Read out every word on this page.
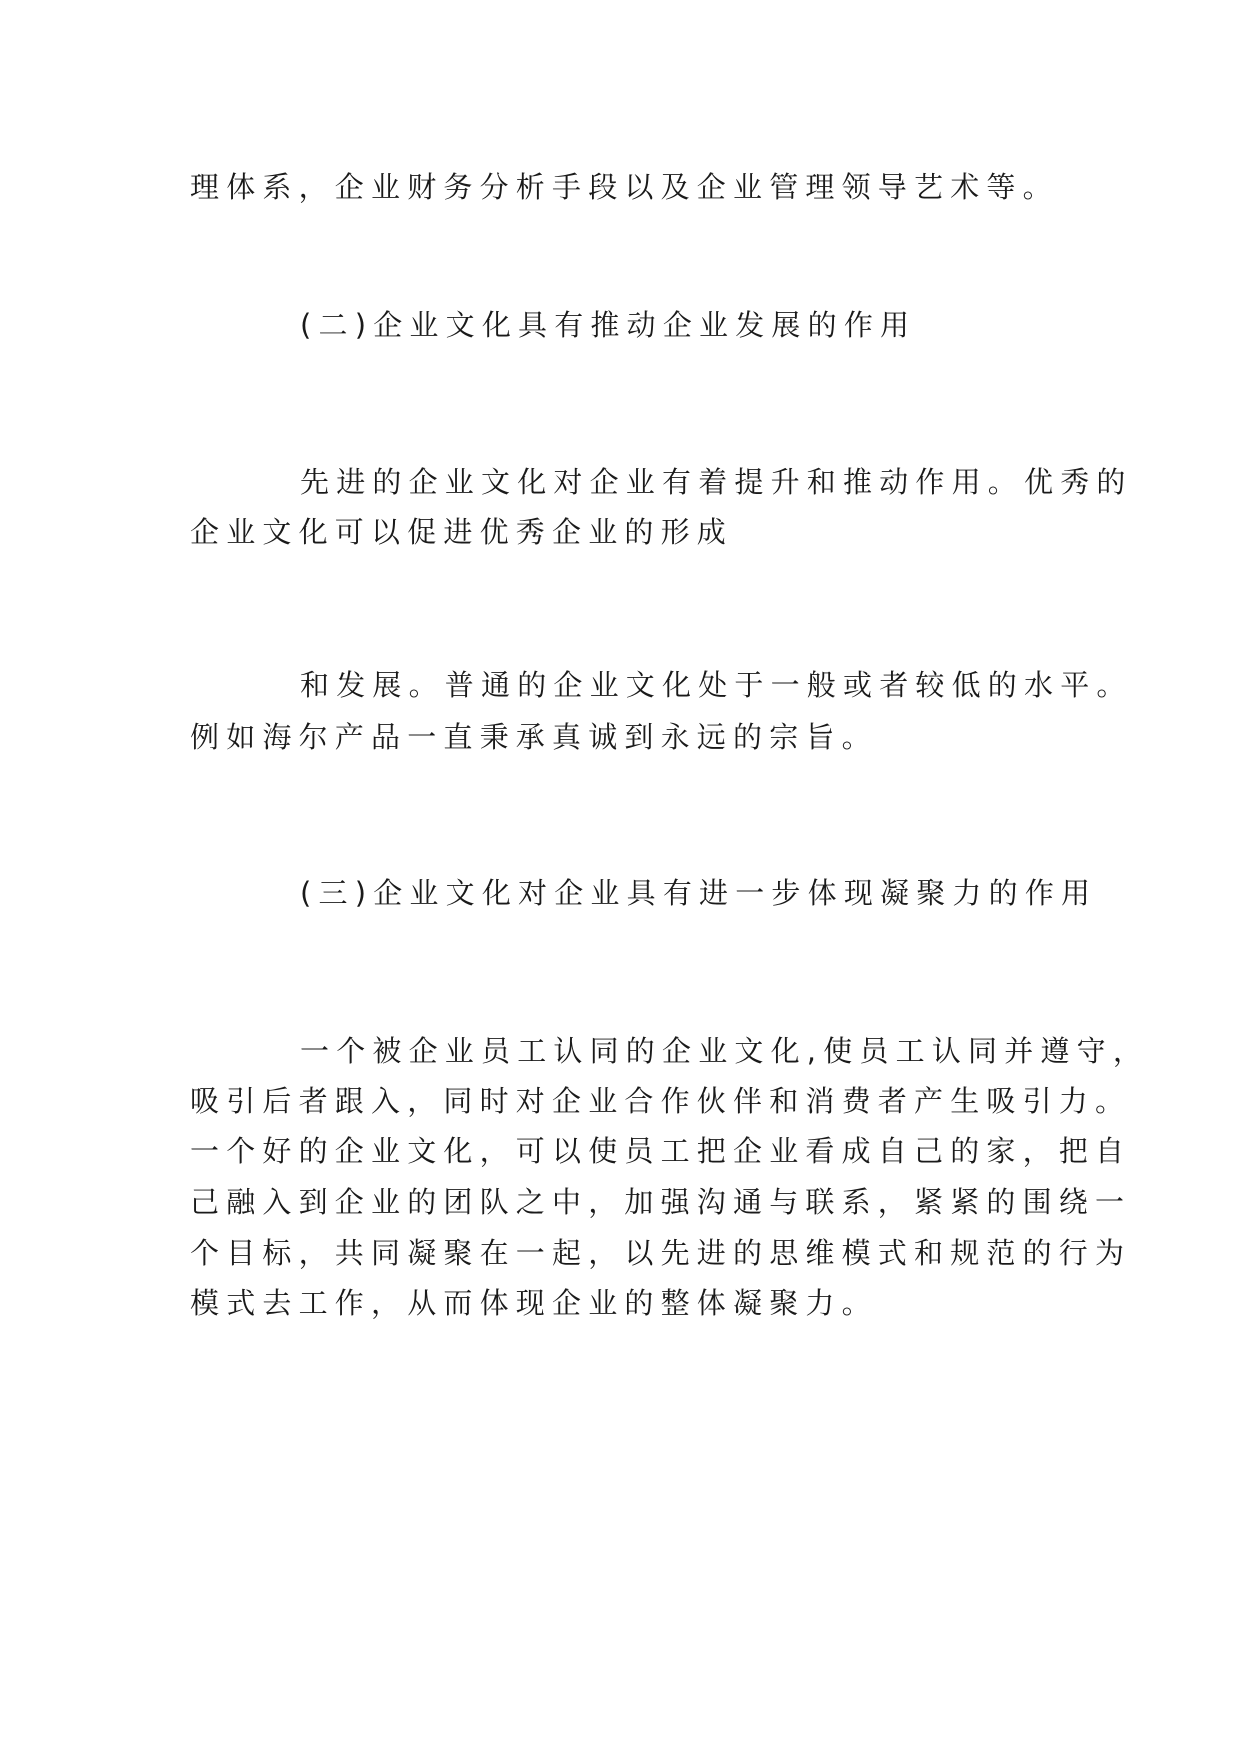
理体系，企业财务分析手段以及企业管理领导艺术等。
(二)企业文化具有推动企业发展的作用
先进的企业文化对企业有着提升和推动作用。优秀的
企业文化可以促进优秀企业的形成
和发展。普通的企业文化处于一般或者较低的水平。
例如海尔产品一直秉承真诚到永远的宗旨。
(三)企业文化对企业具有进一步体现凝聚力的作用
一个被企业员工认同的企业文化,使员工认同并遵守，
吸引后者跟入，同时对企业合作伙伴和消费者产生吸引力。
一个好的企业文化，可以使员工把企业看成自己的家，把自
己融入到企业的团队之中，加强沟通与联系，紧紧的围绕一
个目标，共同凝聚在一起，以先进的思维模式和规范的行为
模式去工作，从而体现企业的整体凝聚力。
